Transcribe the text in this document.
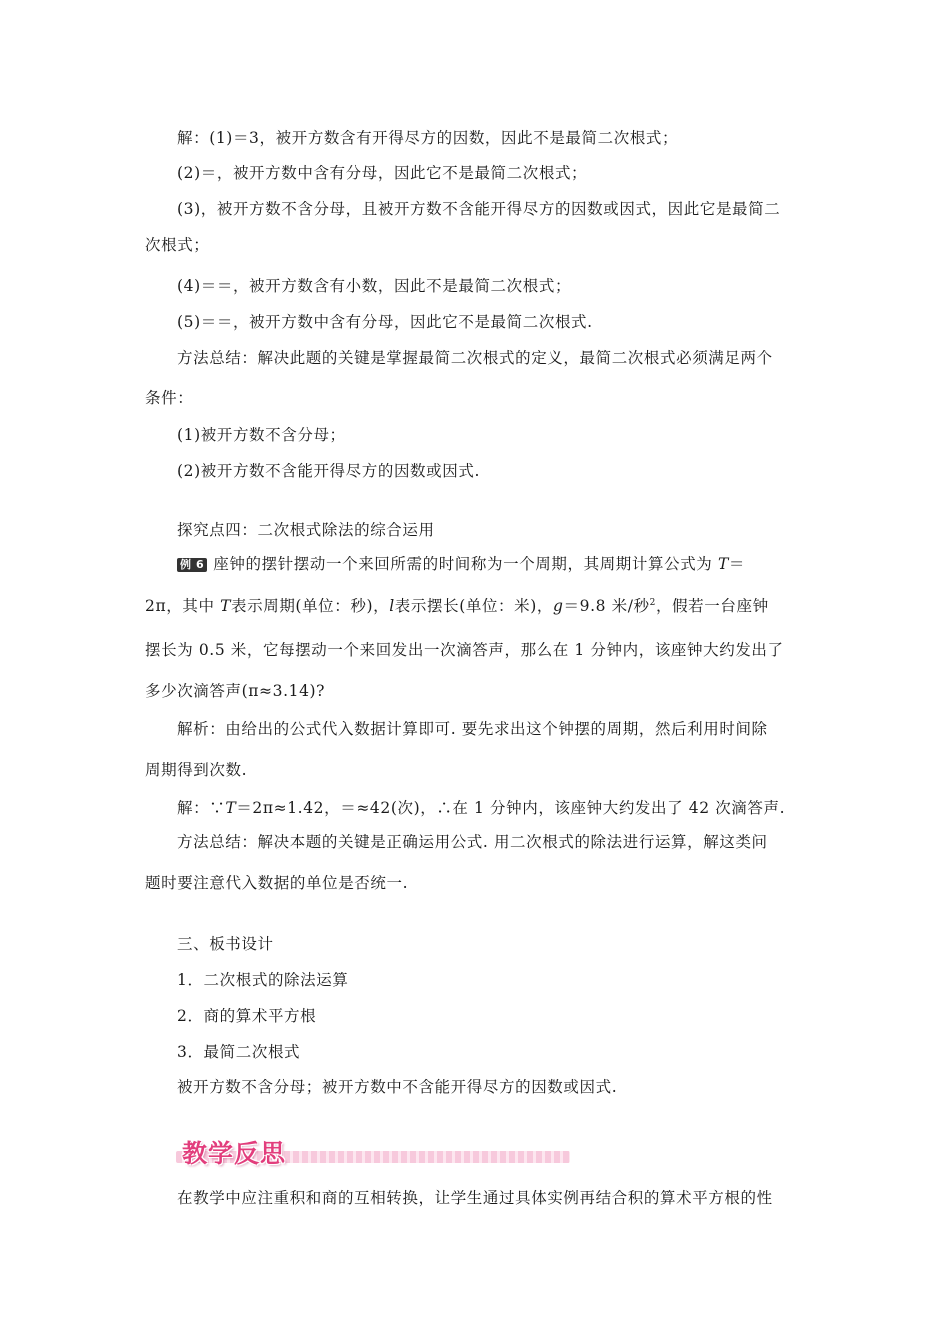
解：(1)＝3，被开方数含有开得尽方的因数，因此不是最简二次根式；
(2)＝，被开方数中含有分母，因此它不是最简二次根式；
(3)，被开方数不含分母，且被开方数不含能开得尽方的因数或因式，因此它是最简二
次根式；
(4)＝＝，被开方数含有小数，因此不是最简二次根式；
(5)＝＝，被开方数中含有分母，因此它不是最简二次根式.
方法总结：解决此题的关键是掌握最简二次根式的定义，最简二次根式必须满足两个
条件：
(1)被开方数不含分母；
(2)被开方数不含能开得尽方的因数或因式.
探究点四：二次根式除法的综合运用
例 6 座钟的摆针摆动一个来回所需的时间称为一个周期，其周期计算公式为 T＝
2π，其中 T表示周期(单位：秒)，l表示摆长(单位：米)，g＝9.8 米/秒$^2$，假若一台座钟
摆长为 0.5 米，它每摆动一个来回发出一次滴答声，那么在 1 分钟内，该座钟大约发出了
多少次滴答声(π≈3.14)?
解析：由给出的公式代入数据计算即可. 要先求出这个钟摆的周期，然后利用时间除
周期得到次数.
解：∵T＝2π≈1.42，＝≈42(次)，∴在 1 分钟内，该座钟大约发出了 42 次滴答声.
方法总结：解决本题的关键是正确运用公式. 用二次根式的除法进行运算，解这类问
题时要注意代入数据的单位是否统一.
三、板书设计
1．二次根式的除法运算
2．商的算术平方根
3．最简二次根式
被开方数不含分母；被开方数中不含能开得尽方的因数或因式.
教学反思
在教学中应注重积和商的互相转换，让学生通过具体实例再结合积的算术平方根的性
